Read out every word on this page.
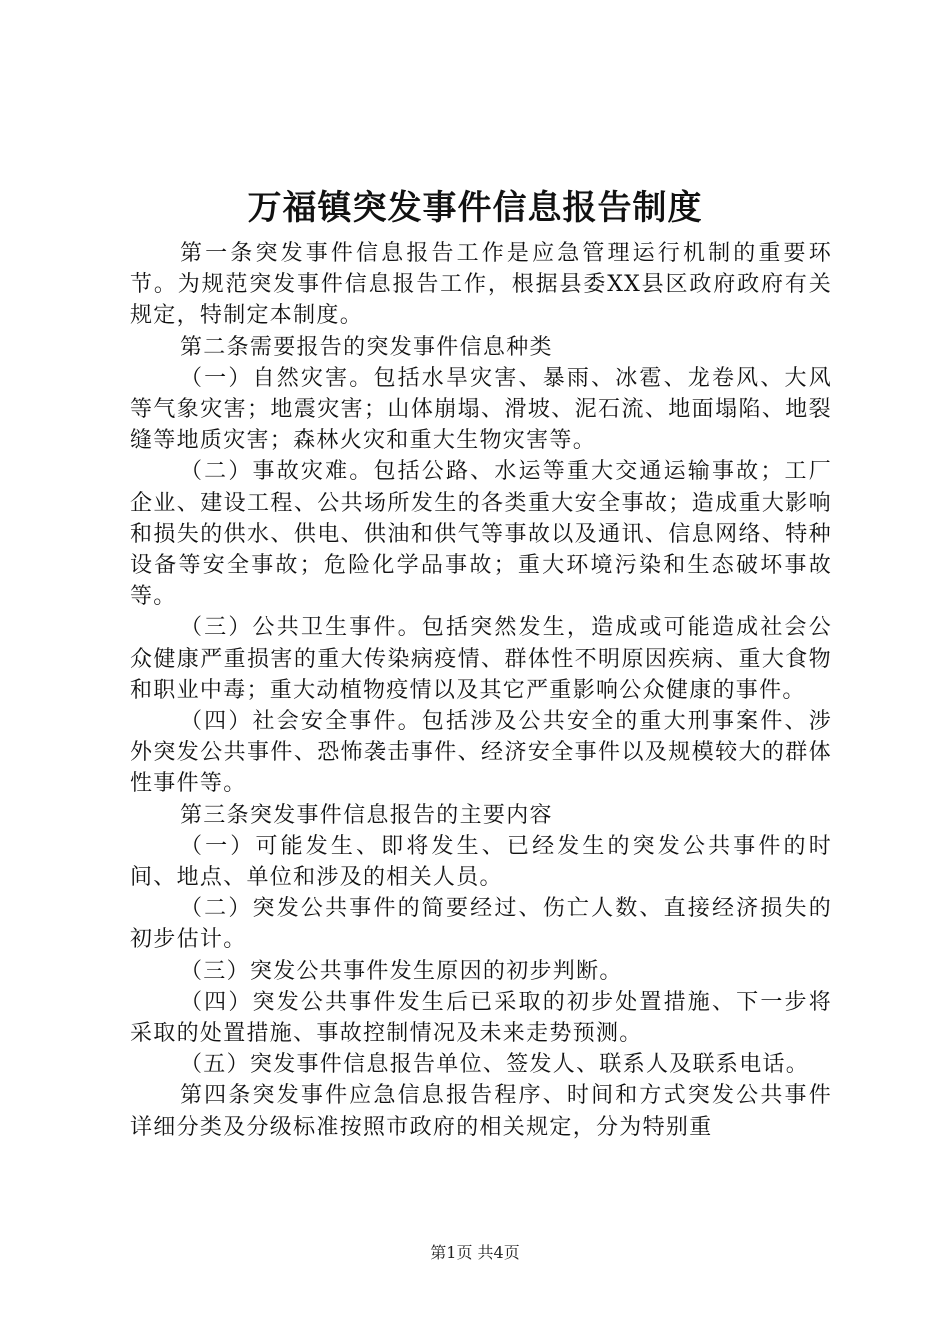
万福镇突发事件信息报告制度

第一条突发事件信息报告工作是应急管理运行机制的重要环节。为规范突发事件信息报告工作，根据县委XX县区政府政府有关规定，特制定本制度。

第二条需要报告的突发事件信息种类

（一）自然灾害。包括水旱灾害、暴雨、冰雹、龙卷风、大风等气象灾害；地震灾害；山体崩塌、滑坡、泥石流、地面塌陷、地裂缝等地质灾害；森林火灾和重大生物灾害等。

（二）事故灾难。包括公路、水运等重大交通运输事故；工厂企业、建设工程、公共场所发生的各类重大安全事故；造成重大影响和损失的供水、供电、供油和供气等事故以及通讯、信息网络、特种设备等安全事故；危险化学品事故；重大环境污染和生态破坏事故等。

（三）公共卫生事件。包括突然发生，造成或可能造成社会公众健康严重损害的重大传染病疫情、群体性不明原因疾病、重大食物和职业中毒；重大动植物疫情以及其它严重影响公众健康的事件。

（四）社会安全事件。包括涉及公共安全的重大刑事案件、涉外突发公共事件、恐怖袭击事件、经济安全事件以及规模较大的群体性事件等。

第三条突发事件信息报告的主要内容

（一）可能发生、即将发生、已经发生的突发公共事件的时间、地点、单位和涉及的相关人员。

（二）突发公共事件的简要经过、伤亡人数、直接经济损失的初步估计。

（三）突发公共事件发生原因的初步判断。

（四）突发公共事件发生后已采取的初步处置措施、下一步将采取的处置措施、事故控制情况及未来走势预测。

（五）突发事件信息报告单位、签发人、联系人及联系电话。

第四条突发事件应急信息报告程序、时间和方式突发公共事件详细分类及分级标准按照市政府的相关规定，分为特别重

第1页 共4页
